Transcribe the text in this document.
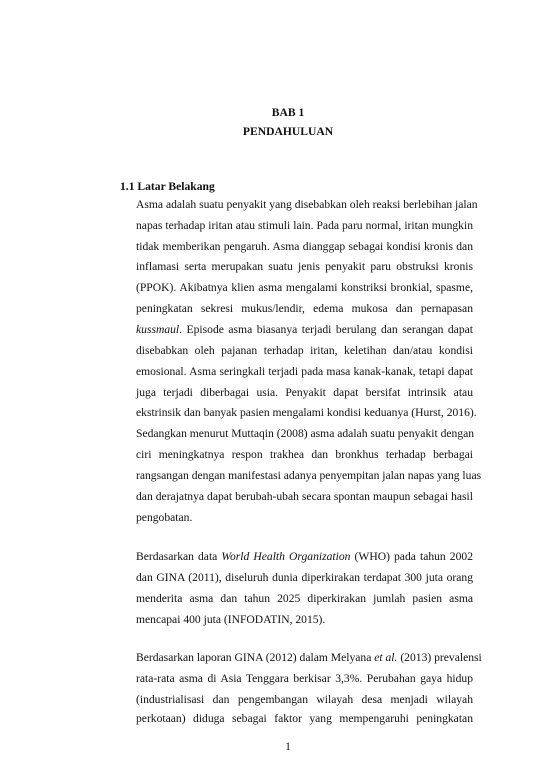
BAB 1
PENDAHULUAN
1.1 Latar Belakang
Asma adalah suatu penyakit yang disebabkan oleh reaksi berlebihan jalan
napas terhadap iritan atau stimuli lain. Pada paru normal, iritan mungkin
tidak memberikan pengaruh. Asma dianggap sebagai kondisi kronis dan
inflamasi serta merupakan suatu jenis penyakit paru obstruksi kronis
(PPOK). Akibatnya klien asma mengalami konstriksi bronkial, spasme,
peningkatan sekresi mukus/lendir, edema mukosa dan pernapasan
kussmaul. Episode asma biasanya terjadi berulang dan serangan dapat
disebabkan oleh pajanan terhadap iritan, keletihan dan/atau kondisi
emosional. Asma seringkali terjadi pada masa kanak-kanak, tetapi dapat
juga terjadi diberbagai usia. Penyakit dapat bersifat intrinsik atau
ekstrinsik dan banyak pasien mengalami kondisi keduanya (Hurst, 2016).
Sedangkan menurut Muttaqin (2008) asma adalah suatu penyakit dengan
ciri meningkatnya respon trakhea dan bronkhus terhadap berbagai
rangsangan dengan manifestasi adanya penyempitan jalan napas yang luas
dan derajatnya dapat berubah-ubah secara spontan maupun sebagai hasil
pengobatan.
Berdasarkan data World Health Organization (WHO) pada tahun 2002
dan GINA (2011), diseluruh dunia diperkirakan terdapat 300 juta orang
menderita asma dan tahun 2025 diperkirakan jumlah pasien asma
mencapai 400 juta (INFODATIN, 2015).
Berdasarkan laporan GINA (2012) dalam Melyana et al. (2013) prevalensi
rata-rata asma di Asia Tenggara berkisar 3,3%. Perubahan gaya hidup
(industrialisasi dan pengembangan wilayah desa menjadi wilayah
perkotaan) diduga sebagai faktor yang mempengaruhi peningkatan
1
